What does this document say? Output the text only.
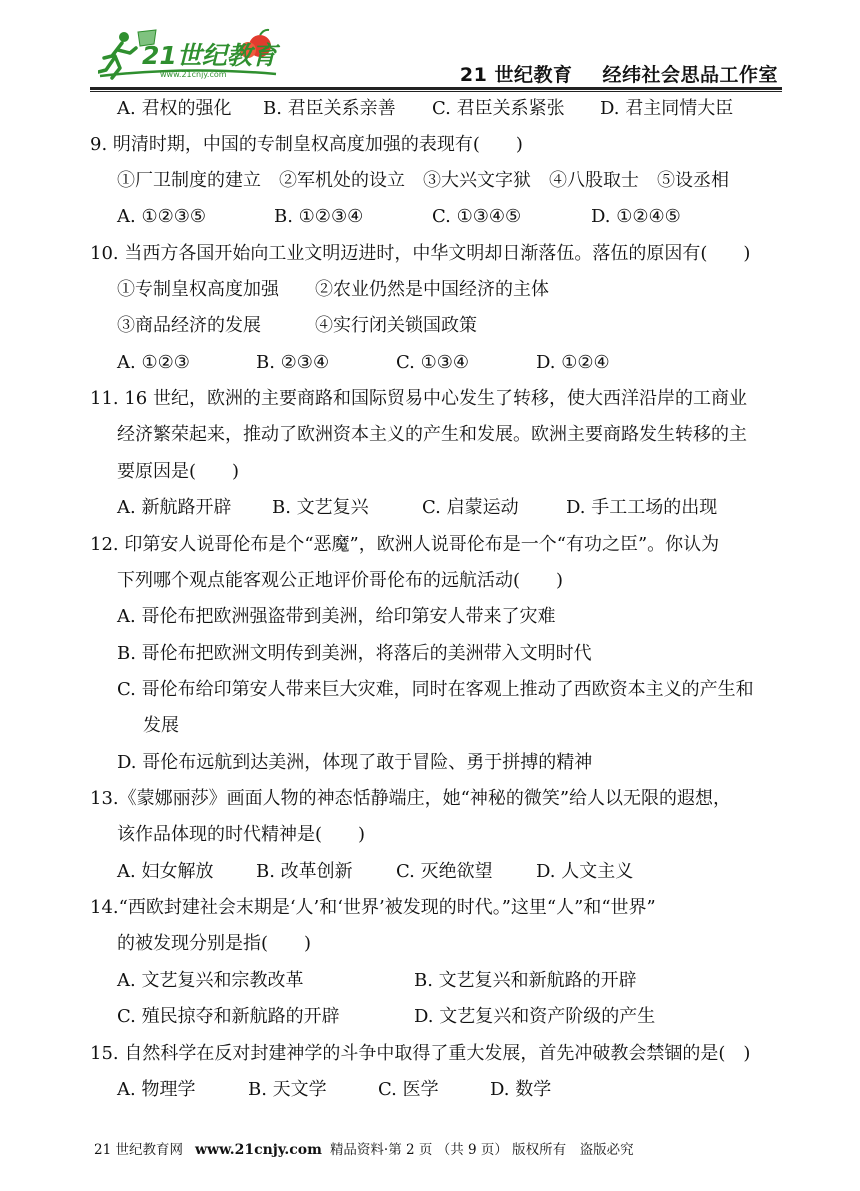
21世纪教育
www.21cnjy.com	21 世纪教育 经纬社会思品工作室
A. 君权的强化 B. 君臣关系亲善 C. 君臣关系紧张 D. 君主同情大臣
9. 明清时期，中国的专制皇权高度加强的表现有(　　)
①厂卫制度的建立　②军机处的设立　③大兴文字狱　④八股取士　⑤设丞相
A. ①②③⑤	B. ①②③④	C. ①③④⑤	D. ①②④⑤
10. 当西方各国开始向工业文明迈进时，中华文明却日渐落伍。落伍的原因有(　　)
①专制皇权高度加强　　②农业仍然是中国经济的主体
③商品经济的发展　　　④实行闭关锁国政策
A. ①②③	B. ②③④	C. ①③④	D. ①②④
11. 16 世纪，欧洲的主要商路和国际贸易中心发生了转移，使大西洋沿岸的工商业
经济繁荣起来，推动了欧洲资本主义的产生和发展。欧洲主要商路发生转移的主
要原因是(　　)
A. 新航路开辟 B. 文艺复兴	C. 启蒙运动	D. 手工工场的出现
12. 印第安人说哥伦布是个“恶魔”，欧洲人说哥伦布是一个“有功之臣”。你认为
下列哪个观点能客观公正地评价哥伦布的远航活动(　　)
A. 哥伦布把欧洲强盗带到美洲，给印第安人带来了灾难
B. 哥伦布把欧洲文明传到美洲，将落后的美洲带入文明时代
C. 哥伦布给印第安人带来巨大灾难，同时在客观上推动了西欧资本主义的产生和
发展
D. 哥伦布远航到达美洲，体现了敢于冒险、勇于拼搏的精神
13.《蒙娜丽莎》画面人物的神态恬静端庄，她“神秘的微笑”给人以无限的遐想，
该作品体现的时代精神是(　　)
A. 妇女解放 B. 改革创新 C. 灭绝欲望 D. 人文主义
14.“西欧封建社会末期是‘人’和‘世界’被发现的时代。”这里“人”和“世界”
的被发现分别是指(　　)
A. 文艺复兴和宗教改革	B. 文艺复兴和新航路的开辟
C. 殖民掠夺和新航路的开辟	D. 文艺复兴和资产阶级的产生
15. 自然科学在反对封建神学的斗争中取得了重大发展，首先冲破教会禁锢的是(　)
A. 物理学	B. 天文学	C. 医学	D. 数学
21 世纪教育网 www.21cnjy.com 精品资料·第 2 页 （共 9 页） 版权所有　盗版必究
